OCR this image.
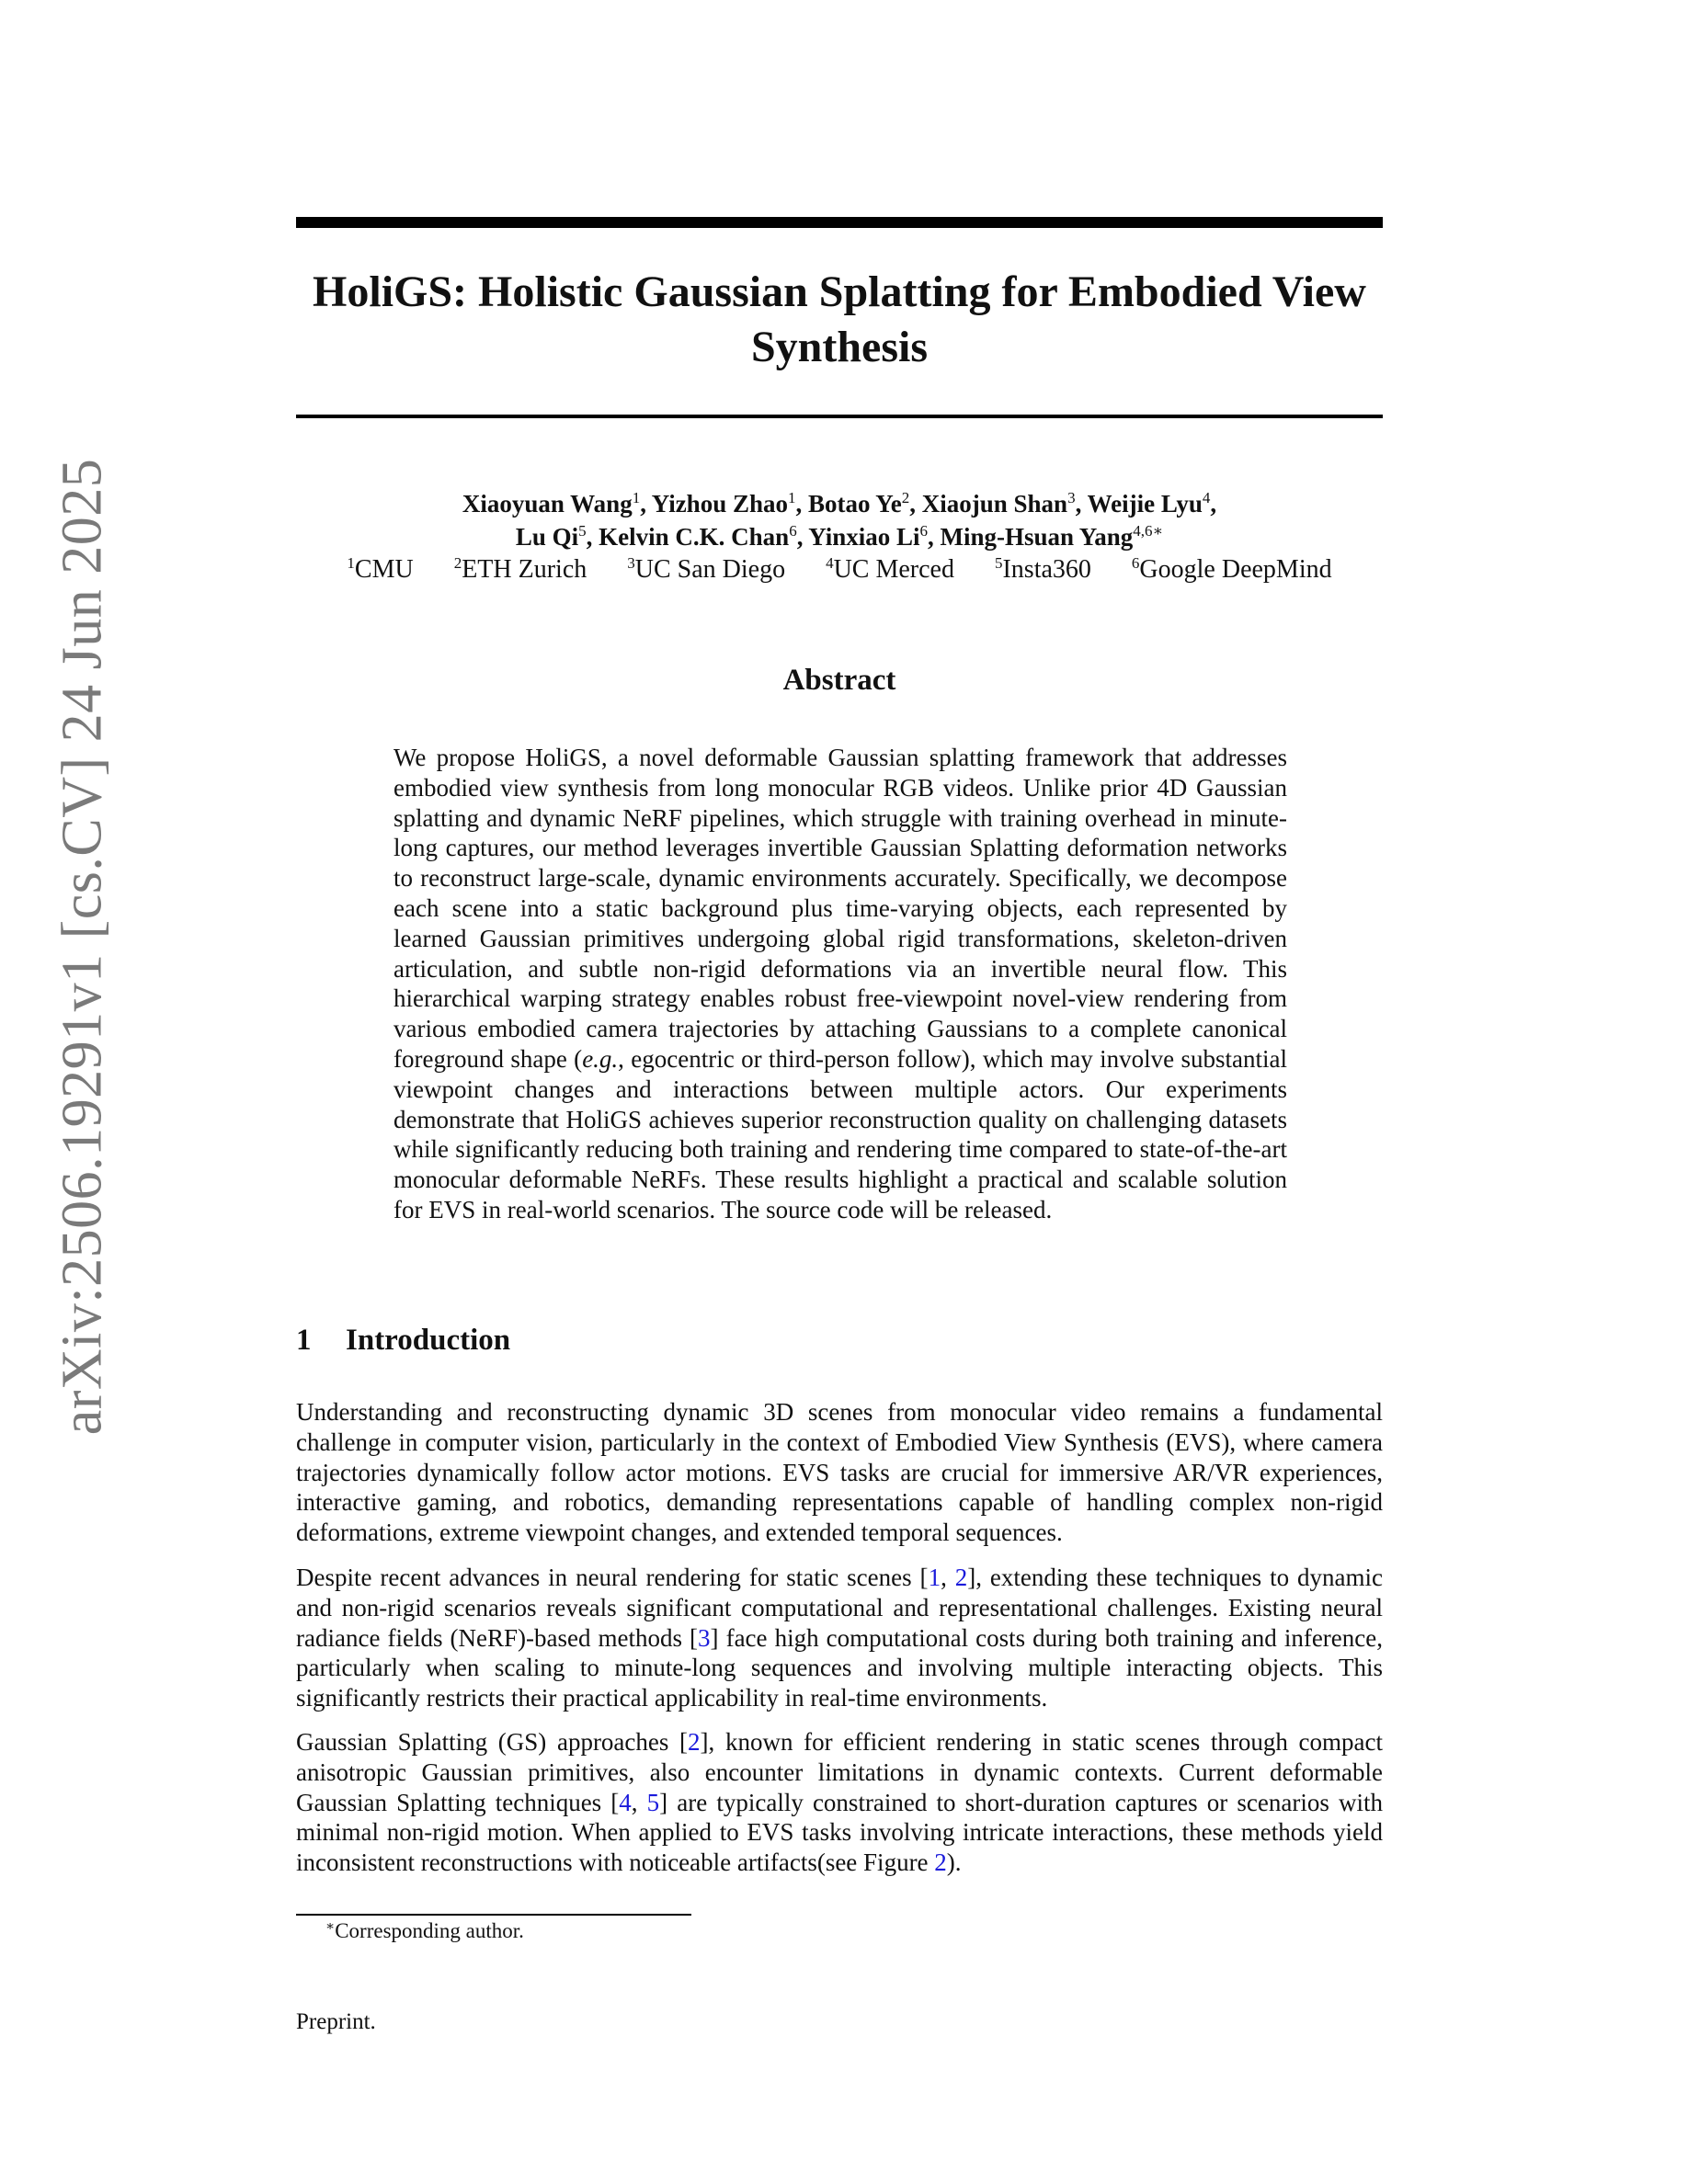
arXiv:2506.19291v1 [cs.CV] 24 Jun 2025
HoliGS: Holistic Gaussian Splatting for Embodied View Synthesis
Xiaoyuan Wang$^1$, Yizhou Zhao$^1$, Botao Ye$^2$, Xiaojun Shan$^3$, Weijie Lyu$^4$,
Lu Qi$^5$, Kelvin C.K. Chan$^6$, Yinxiao Li$^6$, Ming-Hsuan Yang$^{4,6∗}$
$^1$CMU	$^2$ETH Zurich	$^3$UC San Diego	$^4$UC Merced	$^5$Insta360	$^6$Google DeepMind
Abstract
We propose HoliGS, a novel deformable Gaussian splatting framework that addresses embodied view synthesis from long monocular RGB videos. Unlike prior 4D Gaussian splatting and dynamic NeRF pipelines, which struggle with training overhead in minute-long captures, our method leverages invertible Gaussian Splatting deformation networks to reconstruct large-scale, dynamic environments accurately. Specifically, we decompose each scene into a static background plus time-varying objects, each represented by learned Gaussian primitives undergoing global rigid transformations, skeleton-driven articulation, and subtle non-rigid deformations via an invertible neural flow. This hierarchical warping strategy enables robust free-viewpoint novel-view rendering from various embodied camera trajectories by attaching Gaussians to a complete canonical foreground shape (e.g., egocentric or third-person follow), which may involve substantial viewpoint changes and interactions between multiple actors. Our experiments demonstrate that HoliGS achieves superior reconstruction quality on challenging datasets while significantly reducing both training and rendering time compared to state-of-the-art monocular deformable NeRFs. These results highlight a practical and scalable solution for EVS in real-world scenarios. The source code will be released.
1 Introduction

Understanding and reconstructing dynamic 3D scenes from monocular video remains a fundamental challenge in computer vision, particularly in the context of Embodied View Synthesis (EVS), where camera trajectories dynamically follow actor motions. EVS tasks are crucial for immersive AR/VR experiences, interactive gaming, and robotics, demanding representations capable of handling complex non-rigid deformations, extreme viewpoint changes, and extended temporal sequences.

Despite recent advances in neural rendering for static scenes [1, 2], extending these techniques to dynamic and non-rigid scenarios reveals significant computational and representational challenges. Existing neural radiance fields (NeRF)-based methods [3] face high computational costs during both training and inference, particularly when scaling to minute-long sequences and involving multiple interacting objects. This significantly restricts their practical applicability in real-time environments.

Gaussian Splatting (GS) approaches [2], known for efficient rendering in static scenes through compact anisotropic Gaussian primitives, also encounter limitations in dynamic contexts. Current deformable Gaussian Splatting techniques [4, 5] are typically constrained to short-duration captures or scenarios with minimal non-rigid motion. When applied to EVS tasks involving intricate interactions, these methods yield inconsistent reconstructions with noticeable artifacts(see Figure 2).

∗Corresponding author.
Preprint.
